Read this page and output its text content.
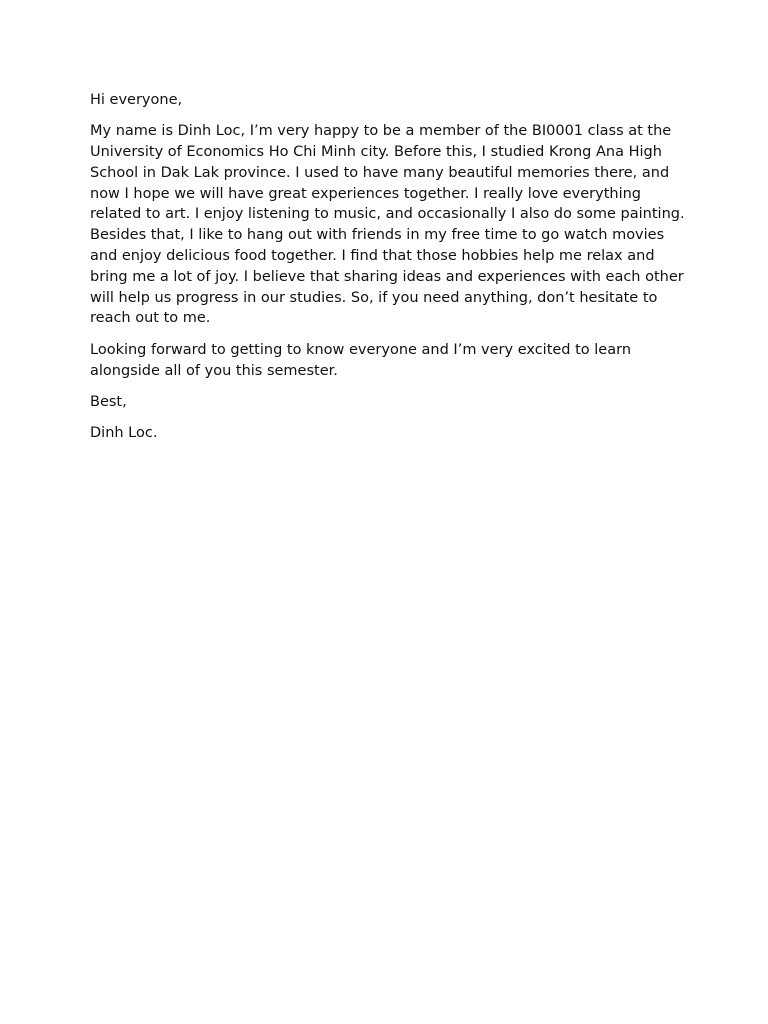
Hi everyone,

My name is Dinh Loc, I’m very happy to be a member of the BI0001 class at the University of Economics Ho Chi Minh city. Before this, I studied Krong Ana High School in Dak Lak province. I used to have many beautiful memories there, and now I hope we will have great experiences together. I really love everything related to art. I enjoy listening to music, and occasionally I also do some painting. Besides that, I like to hang out with friends in my free time to go watch movies and enjoy delicious food together. I find that those hobbies help me relax and bring me a lot of joy. I believe that sharing ideas and experiences with each other will help us progress in our studies. So, if you need anything, don’t hesitate to reach out to me.

Looking forward to getting to know everyone and I’m very excited to learn alongside all of you this semester.

Best,

Dinh Loc.
